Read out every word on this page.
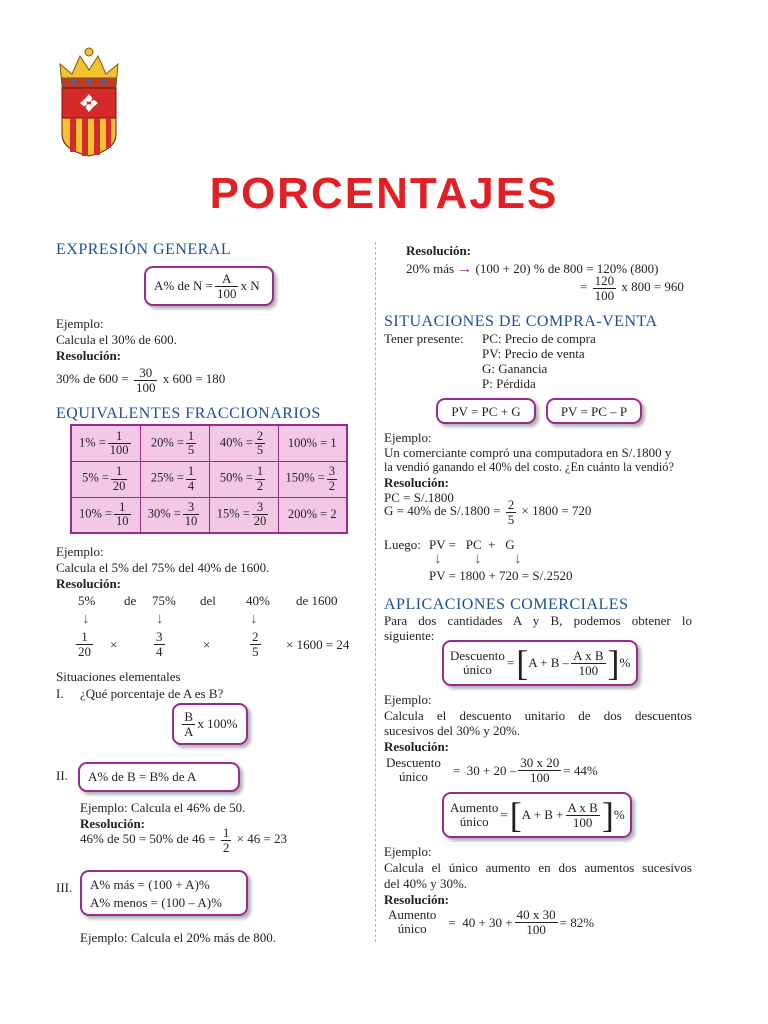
PORCENTAJES
EXPRESIÓN GENERAL
A% de $N = \frac{A}{100}$ x N
Ejemplo:
Calcula el 30% de 600.
Resolución:
30% de $600 = \frac{30}{100}$ x 600 = 180
EQUIVALENTES FRACCIONARIOS
$1\% = \frac{1}{100}$	$20\% = \frac{1}{5}$	$40\% = \frac{2}{5}$	100% = 1
$5\% = \frac{1}{20}$	$25\% = \frac{1}{4}$	$50\% = \frac{1}{2}$	$150\% = \frac{3}{2}$

$10\% = \frac{1}{10}$	$30\% = \frac{3}{10}$	$15\% = \frac{3}{20}$	200% = 2
Ejemplo:
Calcula el 5% del 75% del 40% de 1600.
Resolución:
5% de 75% del 40% de 1600
↓	↓	↓
$\frac{1}{20}$ ×	$\frac{3}{4}$	×	$\frac{2}{5} \times 1600 = 24$
Situaciones elementales
I. ¿Qué porcentaje de A es B?
$\frac{B}{A}$ x 100%
II.	A% de B = B% de A
Ejemplo: Calcula el 46% de 50.
Resolución:
46% de 50 = 50% de $46 = \frac{1}{2} \times 46 = 23$
III. A% más = (100 + A)%
A% menos = (100 – A)%
Ejemplo: Calcula el 20% más de 800.
Resolución:
20% más → (100 + 20) % de 800 = 120% (800)
= $\frac{120}{100}$ x 800 = 960
SITUACIONES DE COMPRA-VENTA
Tener presente: PC: Precio de compra
PV: Precio de venta
G: Ganancia
P: Pérdida
PV = PC + G	PV = PC – P
Ejemplo:
Un comerciante compró una computadora en S/.1800 y
la vendió ganando el 40% del costo. ¿En cuánto la vendió?
Resolución:
PC = S/.1800
G = 40% de $S/.1800 = \frac{2}{5} \times 1800 = 720$
Luego: PV =   PC  +   G
↓ ↓ ↓
PV = 1800 + 720 = S/.2520
APLICACIONES COMERCIALES
Para dos cantidades A y B, podemos obtener lo
siguiente:
Descuento
único	= [ $A + B - \frac{\text{A x B}}{100}$ ] %
Ejemplo:
Calcula el descuento unitario de dos descuentos
sucesivos del 30% y 20%.
Resolución:
Descuento
único	=  $30 + 20 - \frac{30 x 20}{100} = 44\%$
Aumento
único = [ $A + B + \frac{\text{A x B}}{100}$ ] %
Ejemplo:
Calcula el único aumento en dos aumentos sucesivos
del 40% y 30%.
Resolución:
Aumento
único	=  $40 + 30 + \frac{40 x 30}{100} = 82\%$
